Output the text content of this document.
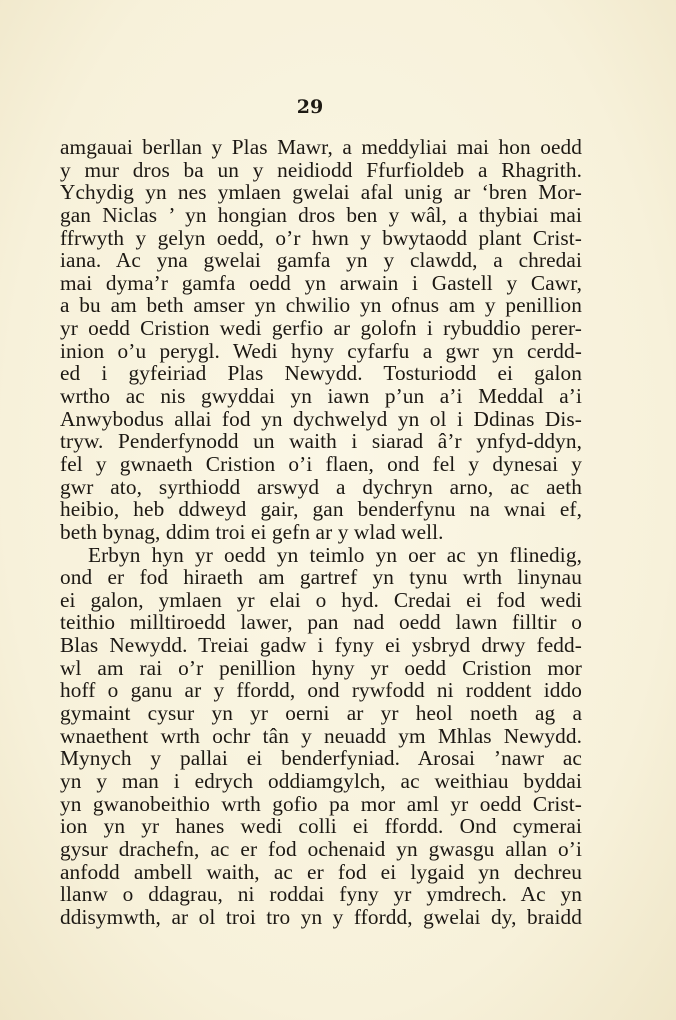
29
amgauai berllan y Plas Mawr, a meddyliai mai hon oedd
y mur dros ba un y neidiodd Ffurfioldeb a Rhagrith.
Ychydig yn nes ymlaen gwelai afal unig ar ‘bren Mor-
gan Niclas ’ yn hongian dros ben y wâl, a thybiai mai
ffrwyth y gelyn oedd, o’r hwn y bwytaodd plant Crist-
iana. Ac yna gwelai gamfa yn y clawdd, a chredai
mai dyma’r gamfa oedd yn arwain i Gastell y Cawr,
a bu am beth amser yn chwilio yn ofnus am y penillion
yr oedd Cristion wedi gerfio ar golofn i rybuddio perer-
inion o’u perygl. Wedi hyny cyfarfu a gwr yn cerdd-
ed i gyfeiriad Plas Newydd. Tosturiodd ei galon
wrtho ac nis gwyddai yn iawn p’un a’i Meddal a’i
Anwybodus allai fod yn dychwelyd yn ol i Ddinas Dis-
tryw. Penderfynodd un waith i siarad â’r ynfyd-ddyn,
fel y gwnaeth Cristion o’i flaen, ond fel y dynesai y
gwr ato, syrthiodd arswyd a dychryn arno, ac aeth
heibio, heb ddweyd gair, gan benderfynu na wnai ef,
beth bynag, ddim troi ei gefn ar y wlad well.
Erbyn hyn yr oedd yn teimlo yn oer ac yn flinedig,
ond er fod hiraeth am gartref yn tynu wrth linynau
ei galon, ymlaen yr elai o hyd. Credai ei fod wedi
teithio milltiroedd lawer, pan nad oedd lawn filltir o
Blas Newydd. Treiai gadw i fyny ei ysbryd drwy fedd-
wl am rai o’r penillion hyny yr oedd Cristion mor
hoff o ganu ar y ffordd, ond rywfodd ni roddent iddo
gymaint cysur yn yr oerni ar yr heol noeth ag a
wnaethent wrth ochr tân y neuadd ym Mhlas Newydd.
Mynych y pallai ei benderfyniad. Arosai ’nawr ac
yn y man i edrych oddiamgylch, ac weithiau byddai
yn gwanobeithio wrth gofio pa mor aml yr oedd Crist-
ion yn yr hanes wedi colli ei ffordd. Ond cymerai
gysur drachefn, ac er fod ochenaid yn gwasgu allan o’i
anfodd ambell waith, ac er fod ei lygaid yn dechreu
llanw o ddagrau, ni roddai fyny yr ymdrech. Ac yn
ddisymwth, ar ol troi tro yn y ffordd, gwelai dy, braidd
